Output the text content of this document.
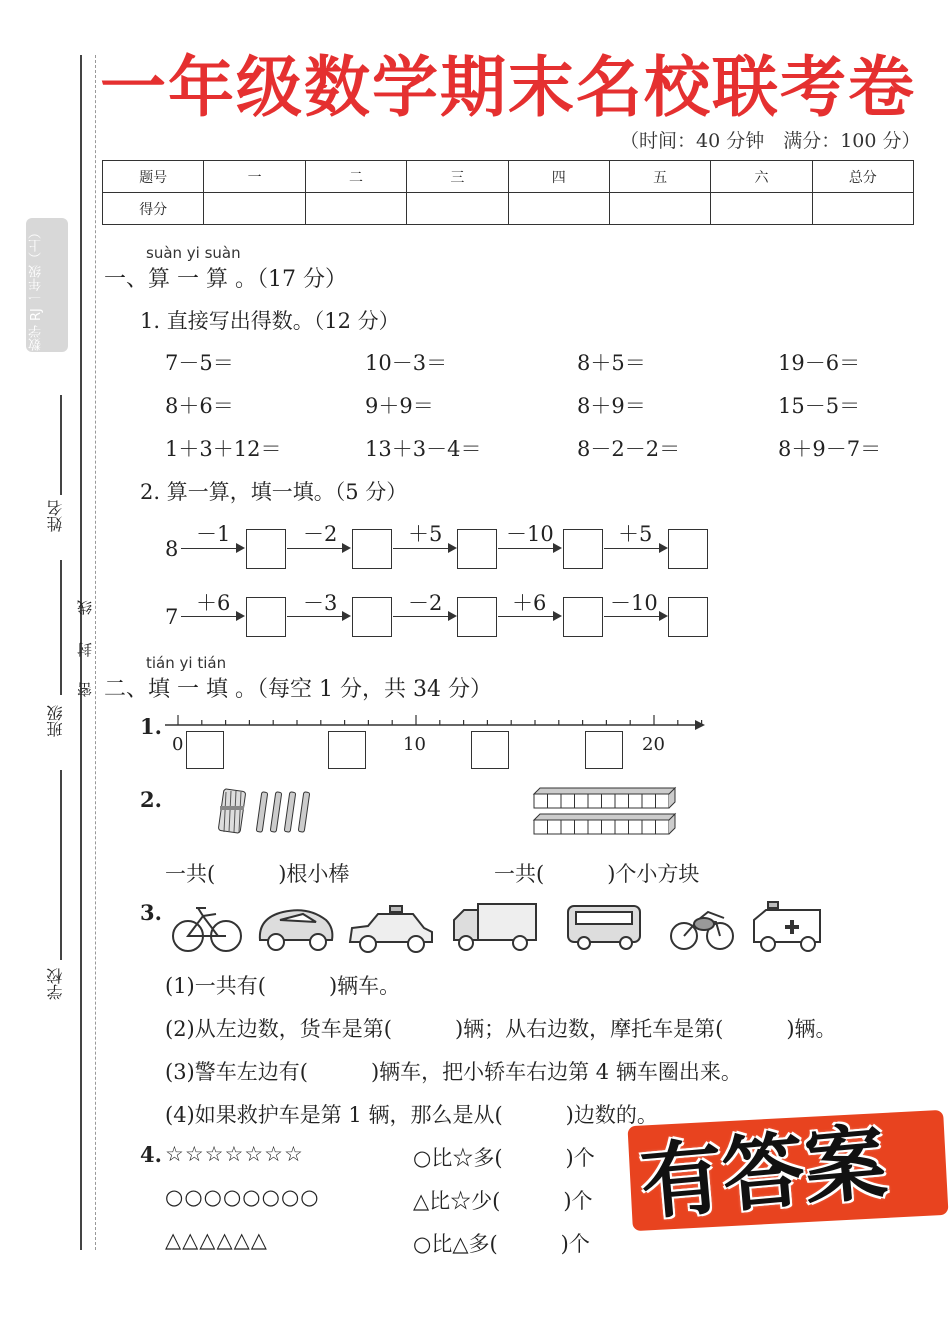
一年级数学期末名校联考卷
（时间：40 分钟　满分：100 分）
题号	一	二	三	四	五	六	总分
得分							
数学 RJ 一年级（上）
姓名
班级
学校
线
封
密
suàn yi suàn
一、算 一 算 。（17 分）
1. 直接写出得数。（12 分）
7－5＝	10－3＝	8＋5＝	19－6＝
8＋6＝	9＋9＝	8＋9＝	15－5＝
1＋3＋12＝	13＋3－4＝	8－2－2＝	8＋9－7＝
2. 算一算，填一填。（5 分）
8
－1	－2	＋5	－10	＋5
7
＋6	－3	－2	＋6	－10
tián yi tián
二、填 一 填 。（每空 1 分，共 34 分）
1.
0	10	20
2.
一共(　　　)根小棒	一共(　　　)个小方块
3.
(1)一共有(　　　)辆车。
(2)从左边数，货车是第(　　　)辆；从右边数，摩托车是第(　　　)辆。
(3)警车左边有(　　　)辆车，把小轿车右边第 4 辆车圈出来。
(4)如果救护车是第 1 辆，那么是从(　　　)边数的。
4. ☆☆☆☆☆☆☆
○○○○○○○○
△△△△△△
○比☆多(　　　)个
△比☆少(　　　)个
○比△多(　　　)个
有答案
